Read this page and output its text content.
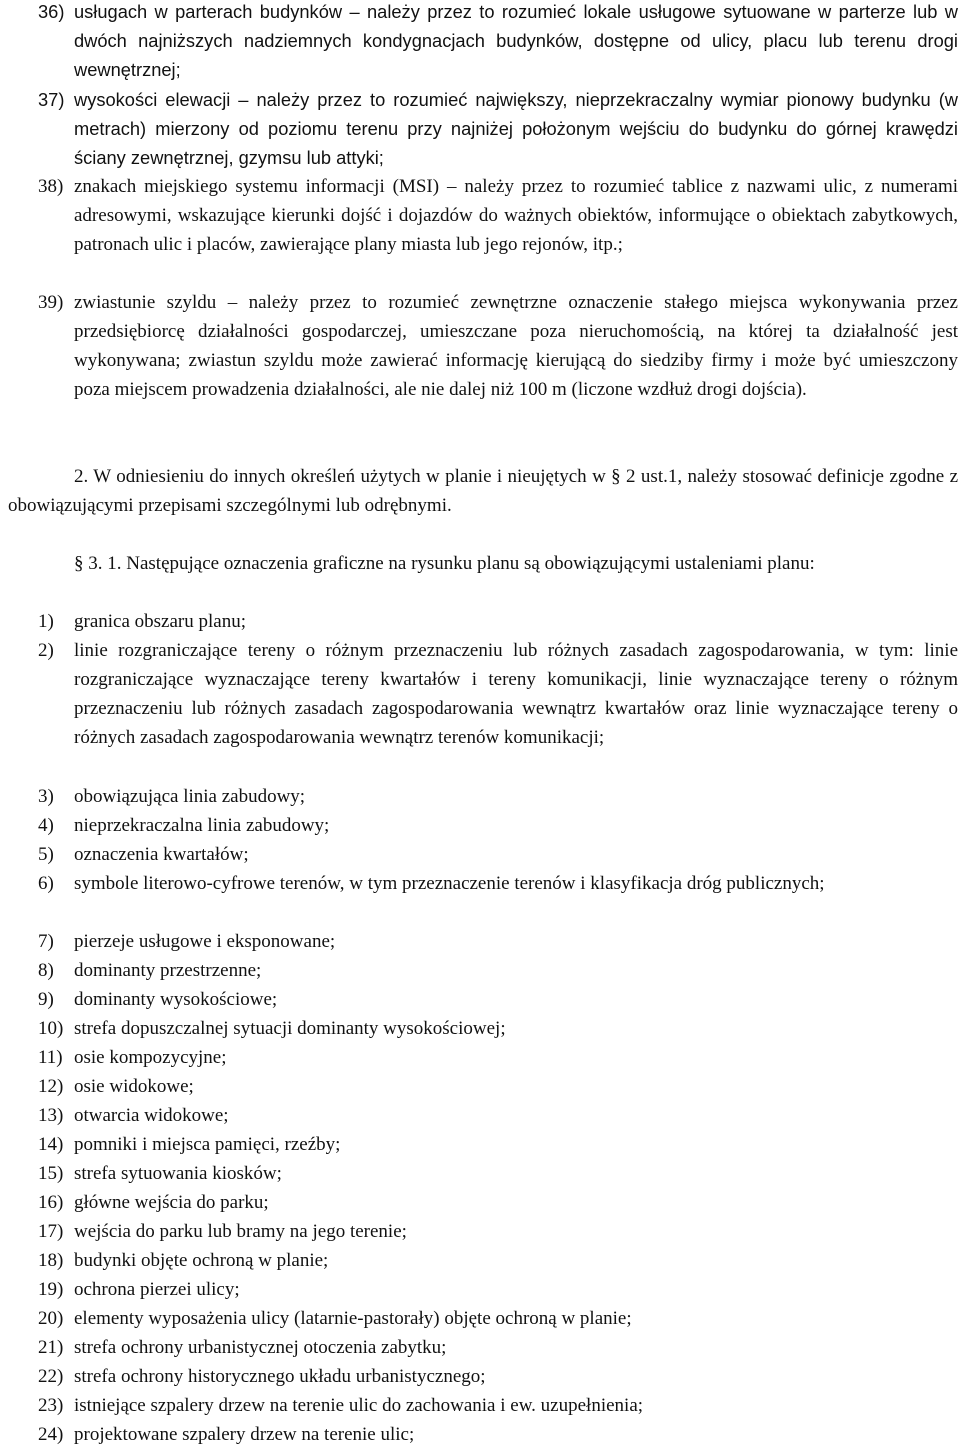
36) usługach w parterach budynków – należy przez to rozumieć lokale usługowe sytuowane w parterze lub w dwóch najniższych nadziemnych kondygnacjach budynków, dostępne od ulicy, placu lub terenu drogi wewnętrznej;
37) wysokości elewacji – należy przez to rozumieć największy, nieprzekraczalny wymiar pionowy budynku (w metrach) mierzony od poziomu terenu przy najniżej położonym wejściu do budynku do górnej krawędzi ściany zewnętrznej, gzymsu lub attyki;
38) znakach miejskiego systemu informacji (MSI) – należy przez to rozumieć tablice z nazwami ulic, z numerami adresowymi, wskazujące kierunki dojść i dojazdów do ważnych obiektów, informujące o obiektach zabytkowych, patronach ulic i placów, zawierające plany miasta lub jego rejonów, itp.;
39) zwiastunie szyldu – należy przez to rozumieć zewnętrzne oznaczenie stałego miejsca wykonywania przez przedsiębiorcę działalności gospodarczej, umieszczane poza nieruchomością, na której ta działalność jest wykonywana; zwiastun szyldu może zawierać informację kierującą do siedziby firmy i może być umieszczony poza miejscem prowadzenia działalności, ale nie dalej niż 100 m (liczone wzdłuż drogi dojścia).
2. W odniesieniu do innych określeń użytych w planie i nieujętych w § 2 ust.1, należy stosować definicje zgodne z obowiązującymi przepisami szczególnymi lub odrębnymi.
§ 3. 1. Następujące oznaczenia graficzne na rysunku planu są obowiązującymi ustaleniami planu:
1)	granica obszaru planu;
2)	linie rozgraniczające tereny o różnym przeznaczeniu lub różnych zasadach zagospodarowania, w tym: linie rozgraniczające wyznaczające tereny kwartałów i tereny komunikacji, linie wyznaczające tereny o różnym przeznaczeniu lub różnych zasadach zagospodarowania wewnątrz kwartałów oraz linie wyznaczające tereny o różnych zasadach zagospodarowania wewnątrz terenów komunikacji;
3)	obowiązująca linia zabudowy;
4)	nieprzekraczalna linia zabudowy;
5)	oznaczenia kwartałów;
6)	symbole literowo-cyfrowe terenów, w tym przeznaczenie terenów i klasyfikacja dróg publicznych;
7)	pierzeje usługowe i eksponowane;
8)	dominanty przestrzenne;
9)	dominanty wysokościowe;
10) strefa dopuszczalnej sytuacji dominanty wysokościowej;
11) osie kompozycyjne;
12) osie widokowe;
13) otwarcia widokowe;
14) pomniki i miejsca pamięci, rzeźby;
15) strefa sytuowania kiosków;
16) główne wejścia do parku;
17) wejścia do parku lub bramy na jego terenie;
18) budynki objęte ochroną w planie;
19) ochrona pierzei ulicy;
20) elementy wyposażenia ulicy (latarnie-pastorały) objęte ochroną w planie;
21) strefa ochrony urbanistycznej otoczenia zabytku;
22) strefa ochrony historycznego układu urbanistycznego;
23) istniejące szpalery drzew na terenie ulic do zachowania i ew. uzupełnienia;
24) projektowane szpalery drzew na terenie ulic;
